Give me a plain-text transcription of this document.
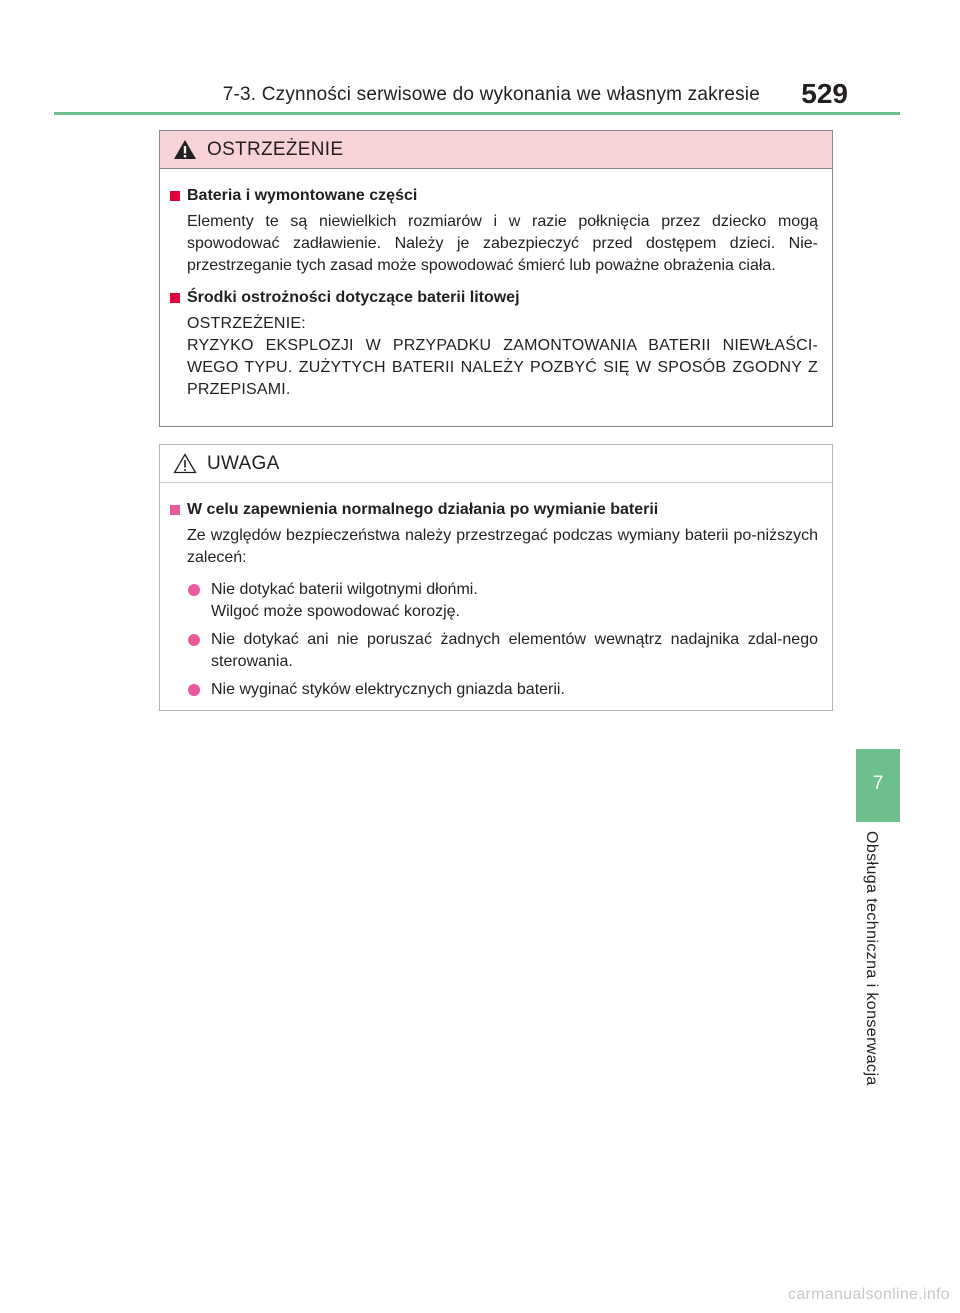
7-3. Czynności serwisowe do wykonania we własnym zakresie 529
OSTRZEŻENIE
Bateria i wymontowane części
Elementy te są niewielkich rozmiarów i w razie połknięcia przez dziecko mogą spowodować zadławienie. Należy je zabezpieczyć przed dostępem dzieci. Nie-przestrzeganie tych zasad może spowodować śmierć lub poważne obrażenia ciała.
Środki ostrożności dotyczące baterii litowej
OSTRZEŻENIE:
RYZYKO EKSPLOZJI W PRZYPADKU ZAMONTOWANIA BATERII NIEWŁAŚCI-WEGO TYPU. ZUŻYTYCH BATERII NALEŻY POZBYĆ SIĘ W SPOSÓB ZGODNY Z PRZEPISAMI.
UWAGA
W celu zapewnienia normalnego działania po wymianie baterii
Ze względów bezpieczeństwa należy przestrzegać podczas wymiany baterii po-niższych zaleceń:
Nie dotykać baterii wilgotnymi dłońmi.
Wilgoć może spowodować korozję.
Nie dotykać ani nie poruszać żadnych elementów wewnątrz nadajnika zdal-nego sterowania.
Nie wyginać styków elektrycznych gniazda baterii.
7
Obsługa techniczna i konserwacja
carmanualsonline.info
